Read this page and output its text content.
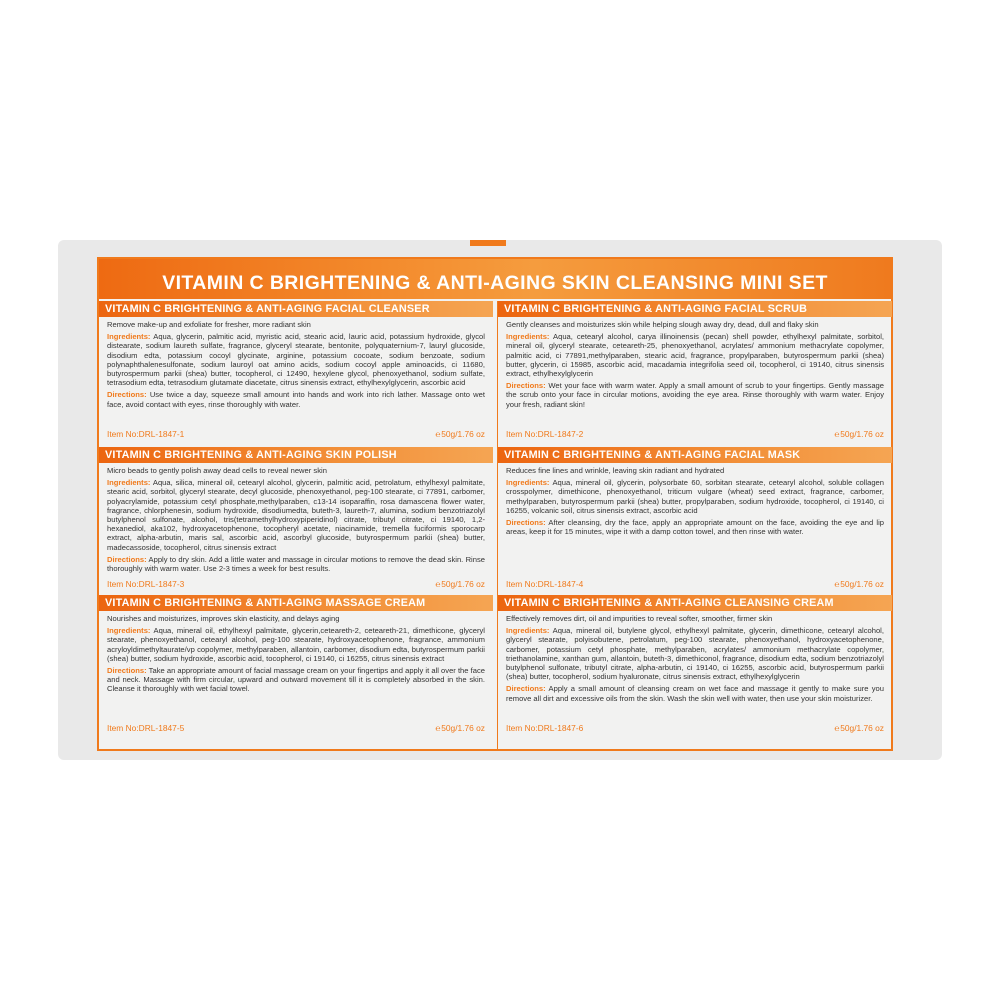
VITAMIN C BRIGHTENING & ANTI-AGING SKIN CLEANSING MINI SET
VITAMIN C BRIGHTENING & ANTI-AGING FACIAL CLEANSER

Remove make-up and exfoliate for fresher, more radiant skin

Ingredients: Aqua, glycerin, palmitic acid, myristic acid, stearic acid, lauric acid, potassium hydroxide, glycol distearate, sodium laureth sulfate, fragrance, glyceryl stearate, bentonite, polyquaternium-7, lauryl glucoside, disodium edta, potassium cocoyl glycinate, arginine, potassium cocoate, sodium benzoate, sodium polynaphthalenesulfonate, sodium lauroyl oat amino acids, sodium cocoyl apple aminoacids, ci 11680, butyrospermum parkii (shea) butter, tocopherol, ci 12490, hexylene glycol, phenoxyethanol, sodium sulfate, tetrasodium edta, tetrasodium glutamate diacetate, citrus sinensis extract, ethylhexylglycerin, ascorbic acid

Directions: Use twice a day, squeeze small amount into hands and work into rich lather. Massage onto wet face, avoid contact with eyes, rinse thoroughly with water.

Item No:DRL-1847-1	℮50g/1.76 oz
VITAMIN C BRIGHTENING & ANTI-AGING FACIAL SCRUB

Gently cleanses and moisturizes skin while helping slough away dry, dead, dull and flaky skin

Ingredients: Aqua, cetearyl alcohol, carya illinoinensis (pecan) shell powder, ethylhexyl palmitate, sorbitol, mineral oil, glyceryl stearate, ceteareth-25, phenoxyethanol, acrylates/ ammonium methacrylate copolymer, palmitic acid, ci 77891,methylparaben, stearic acid, fragrance, propylparaben, butyrospermum parkii (shea) butter, glycerin, ci 15985, ascorbic acid, macadamia integrifolia seed oil, tocopherol, ci 19140, citrus sinensis extract, ethylhexylglycerin

Directions: Wet your face with warm water. Apply a small amount of scrub to your fingertips. Gently massage the scrub onto your face in circular motions, avoiding the eye area. Rinse thoroughly with warm water. Enjoy your fresh, radiant skin!

Item No:DRL-1847-2	℮50g/1.76 oz
VITAMIN C BRIGHTENING & ANTI-AGING SKIN POLISH

Micro beads to gently polish away dead cells to reveal newer skin

Ingredients: Aqua, silica, mineral oil, cetearyl alcohol, glycerin, palmitic acid, petrolatum, ethylhexyl palmitate, stearic acid, sorbitol, glyceryl stearate, decyl glucoside, phenoxyethanol, peg-100 stearate, ci 77891, carbomer, polyacrylamide, potassium cetyl phosphate,methylparaben, c13-14 isoparaffin, rosa damascena flower water, fragrance, chlorphenesin, sodium hydroxide, disodiumedta, buteth-3, laureth-7, alumina, sodium benzotriazolyl butylphenol sulfonate, alcohol, tris(tetramethylhydroxypiperidinol) citrate, tributyl citrate, ci 19140, 1,2-hexanediol, aka102, hydroxyacetophenone, tocopheryl acetate, niacinamide, tremella fuciformis sporocarp extract, alpha-arbutin, maris sal, ascorbic acid, ascorbyl glucoside, butyrospermum parkii (shea) butter, madecassoside, tocopherol, citrus sinensis extract

Directions: Apply to dry skin. Add a little water and massage in circular motions to remove the dead skin. Rinse thoroughly with warm water. Use 2-3 times a week for best results.

Item No:DRL-1847-3	℮50g/1.76 oz
VITAMIN C BRIGHTENING & ANTI-AGING FACIAL MASK

Reduces fine lines and wrinkle, leaving skin radiant and hydrated

Ingredients: Aqua, mineral oil, glycerin, polysorbate 60, sorbitan stearate, cetearyl alcohol, soluble collagen crosspolymer, dimethicone, phenoxyethanol, triticum vulgare (wheat) seed extract, fragrance, carbomer, methylparaben, butyrospermum parkii (shea) butter, propylparaben, sodium hydroxide, tocopherol, ci 19140, ci 16255, volcanic soil, citrus sinensis extract, ascorbic acid

Directions: After cleansing, dry the face, apply an appropriate amount on the face, avoiding the eye and lip areas, keep it for 15 minutes, wipe it with a damp cotton towel, and then rinse with water.

Item No:DRL-1847-4	℮50g/1.76 oz
VITAMIN C BRIGHTENING & ANTI-AGING MASSAGE CREAM

Nourishes and moisturizes, improves skin elasticity, and delays aging

Ingredients: Aqua, mineral oil, ethylhexyl palmitate, glycerin,ceteareth-2, ceteareth-21, dimethicone, glyceryl stearate, phenoxyethanol, cetearyl alcohol, peg-100 stearate, hydroxyacetophenone, fragrance, ammonium acryloyldimethyltaurate/vp copolymer, methylparaben, allantoin, carbomer, disodium edta, butyrospermum parkii (shea) butter, sodium hydroxide, ascorbic acid, tocopherol, ci 19140, ci 16255, citrus sinensis extract

Directions: Take an appropriate amount of facial massage cream on your fingertips and apply it all over the face and neck. Massage with firm circular, upward and outward movement till it is completely absorbed in the skin. Cleanse it thoroughly with wet facial towel.

Item No:DRL-1847-5	℮50g/1.76 oz
VITAMIN C BRIGHTENING & ANTI-AGING CLEANSING CREAM

Effectively removes dirt, oil and impurities to reveal softer, smoother, firmer skin

Ingredients: Aqua, mineral oil, butylene glycol, ethylhexyl palmitate, glycerin, dimethicone, cetearyl alcohol, glyceryl stearate, polyisobutene, petrolatum, peg-100 stearate, phenoxyethanol, hydroxyacetophenone, carbomer, potassium cetyl phosphate, methylparaben, acrylates/ ammonium methacrylate copolymer, triethanolamine, xanthan gum, allantoin, buteth-3, dimethiconol, fragrance, disodium edta, sodium benzotriazolyl butylphenol sulfonate, tributyl citrate, alpha-arbutin, ci 19140, ci 16255, ascorbic acid, butyrospermum parkii (shea) butter, tocopherol, sodium hyaluronate, citrus sinensis extract, ethylhexylglycerin

Directions: Apply a small amount of cleansing cream on wet face and massage it gently to make sure you remove all dirt and excessive oils from the skin. Wash the skin well with water, then use your skin moisturizer.

Item No:DRL-1847-6	℮50g/1.76 oz
